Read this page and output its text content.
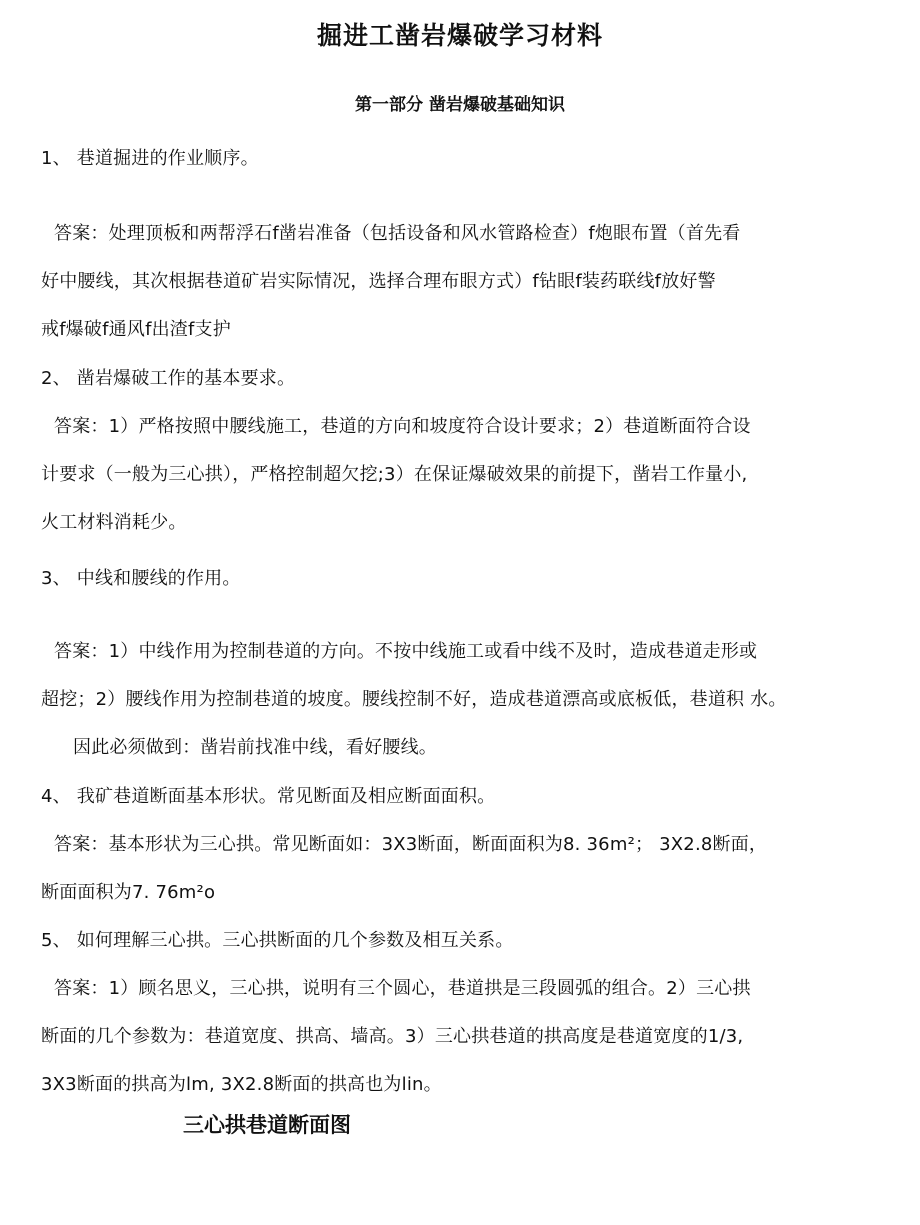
掘进工凿岩爆破学习材料
第一部分 凿岩爆破基础知识
1、 巷道掘进的作业顺序。
答案：处理顶板和两帮浮石f凿岩准备（包括设备和风水管路检查）f炮眼布置（首先看
好中腰线，其次根据巷道矿岩实际情况，选择合理布眼方式）f钻眼f装药联线f放好警
戒f爆破f通风f出渣f支护
2、 凿岩爆破工作的基本要求。
答案：1）严格按照中腰线施工，巷道的方向和坡度符合设计要求；2）巷道断面符合设
计要求（一般为三心拱），严格控制超欠挖;3）在保证爆破效果的前提下，凿岩工作量小,
火工材料消耗少。
3、 中线和腰线的作用。
答案：1）中线作用为控制巷道的方向。不按中线施工或看中线不及时，造成巷道走形或
超挖；2）腰线作用为控制巷道的坡度。腰线控制不好，造成巷道漂高或底板低，巷道积 水。
因此必须做到：凿岩前找准中线，看好腰线。
4、 我矿巷道断面基本形状。常见断面及相应断面面积。
答案：基本形状为三心拱。常见断面如：3X3断面，断面面积为8. 36m²； 3X2.8断面，
断面面积为7. 76m²o
5、 如何理解三心拱。三心拱断面的几个参数及相互关系。
答案：1）顾名思义，三心拱，说明有三个圆心，巷道拱是三段圆弧的组合。2）三心拱
断面的几个参数为：巷道宽度、拱高、墙高。3）三心拱巷道的拱高度是巷道宽度的1/3,
3X3断面的拱高为lm, 3X2.8断面的拱高也为lin。
三心拱巷道断面图
